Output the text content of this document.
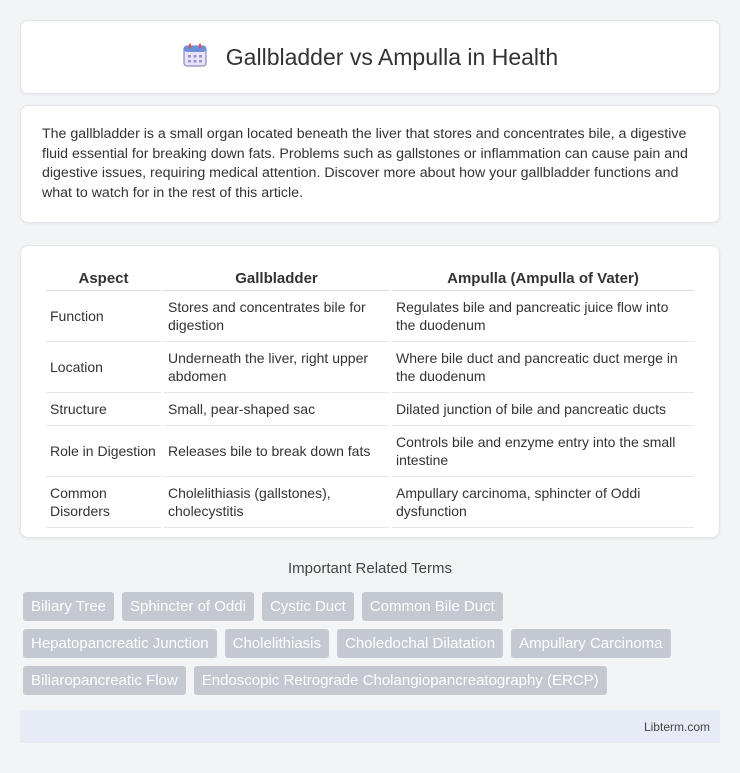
Gallbladder vs Ampulla in Health

The gallbladder is a small organ located beneath the liver that stores and concentrates bile, a digestive fluid essential for breaking down fats. Problems such as gallstones or inflammation can cause pain and digestive issues, requiring medical attention. Discover more about how your gallbladder functions and what to watch for in the rest of this article.

Aspect	Gallbladder	Ampulla (Ampulla of Vater)
Function	Stores and concentrates bile for digestion	Regulates bile and pancreatic juice flow into the duodenum
Location	Underneath the liver, right upper abdomen	Where bile duct and pancreatic duct merge in the duodenum
Structure	Small, pear-shaped sac	Dilated junction of bile and pancreatic ducts
Role in Digestion	Releases bile to break down fats	Controls bile and enzyme entry into the small intestine
Common Disorders	Cholelithiasis (gallstones), cholecystitis	Ampullary carcinoma, sphincter of Oddi dysfunction
Important Related Terms
Biliary Tree	Sphincter of Oddi	Cystic Duct	Common Bile Duct
Hepatopancreatic Junction	Cholelithiasis	Choledochal Dilatation	Ampullary Carcinoma
Biliaropancreatic Flow	Endoscopic Retrograde Cholangiopancreatography (ERCP)
Libterm.com
